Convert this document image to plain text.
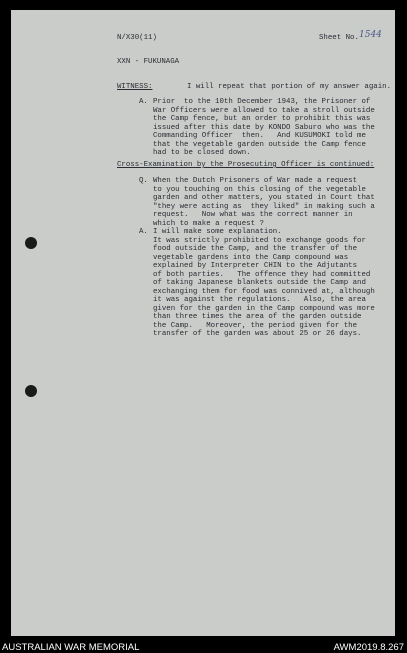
N/X30(11)	Sheet No. 1544
XXN - FUKUNAGA
WITNESS:	I will repeat that portion of my answer again.
A. Prior  to the 10th December 1943, the Prisoner of
War Officers were allowed to take a stroll outside
the Camp fence, but an order to prohibit this was
issued after this date by KONDO Saburo who was the
Commanding Officer  then.   And KUSUMOKI told me
that the vegetable garden outside the Camp fence
had to be closed down.
Cross-Examination by the Prosecuting Officer is continued:
Q. When the Dutch Prisoners of War made a request
to you touching on this closing of the vegetable
garden and other matters, you stated in Court that
"they were acting as  they liked" in making such a
request.   Now what was the correct manner in
which to make a request ?
A. I will make some explanation.
It was strictly prohibited to exchange goods for
food outside the Camp, and the transfer of the
vegetable gardens into the Camp compound was
explained by Interpreter CHIN to the Adjutants
of both parties.   The offence they had committed
of taking Japanese blankets outside the Camp and
exchanging them for food was connived at, although
it was against the regulations.   Also, the area
given for the garden in the Camp compound was more
than three times the area of the garden outside
the Camp.   Moreover, the period given for the
transfer of the garden was about 25 or 26 days.
AUSTRALIAN WAR MEMORIAL	AWM2019.8.267
